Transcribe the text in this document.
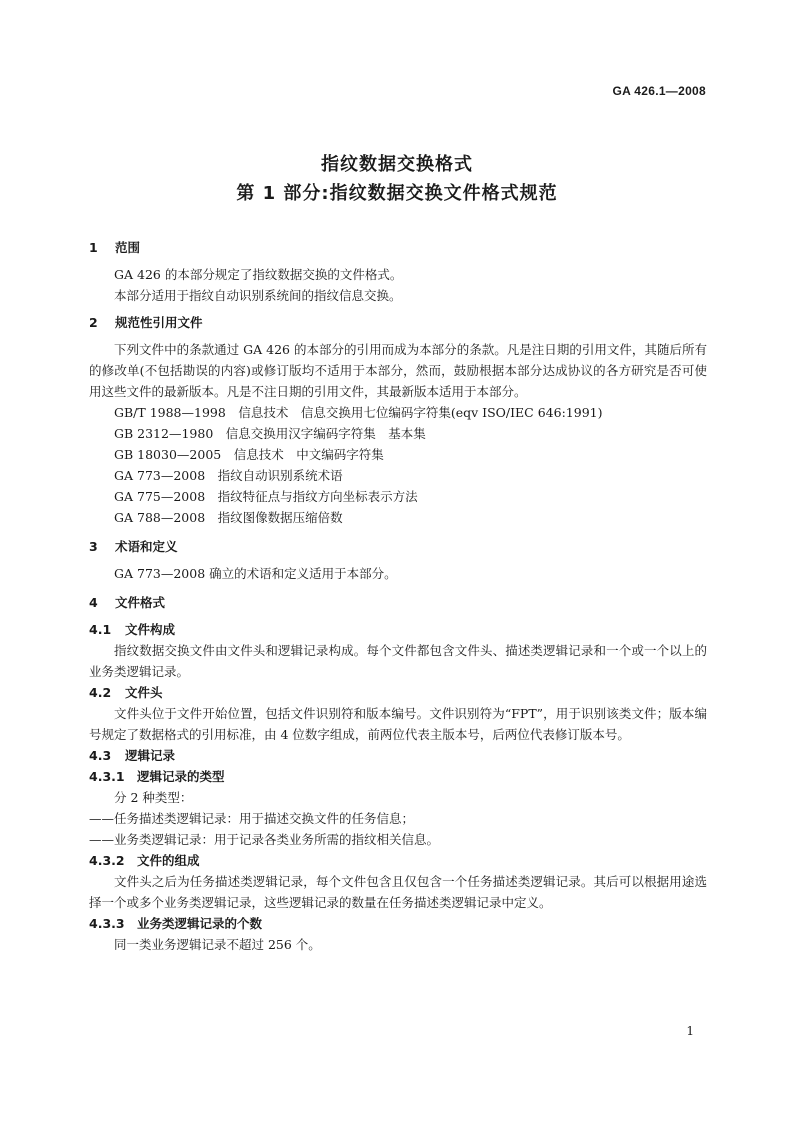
GA 426.1—2008
指纹数据交换格式
第 1 部分:指纹数据交换文件格式规范
1 范围

GA 426 的本部分规定了指纹数据交换的文件格式。

本部分适用于指纹自动识别系统间的指纹信息交换。

2 规范性引用文件

下列文件中的条款通过 GA 426 的本部分的引用而成为本部分的条款。凡是注日期的引用文件，其随后所有的修改单(不包括勘误的内容)或修订版均不适用于本部分，然而，鼓励根据本部分达成协议的各方研究是否可使用这些文件的最新版本。凡是不注日期的引用文件，其最新版本适用于本部分。

GB/T 1988—1998　 信息技术　信息交换用七位编码字符集(eqv ISO/IEC 646:1991)
GB 2312—1980　 信息交换用汉字编码字符集　基本集
GB 18030—2005　 信息技术　中文编码字符集
GA 773—2008　 指纹自动识别系统术语
GA 775—2008　 指纹特征点与指纹方向坐标表示方法
GA 788—2008　 指纹图像数据压缩倍数
3 术语和定义

GA 773—2008 确立的术语和定义适用于本部分。

4 文件格式
4.1 文件构成

指纹数据交换文件由文件头和逻辑记录构成。每个文件都包含文件头、描述类逻辑记录和一个或一个以上的业务类逻辑记录。

4.2 文件头

文件头位于文件开始位置，包括文件识别符和版本编号。文件识别符为“FPT”，用于识别该类文件；版本编号规定了数据格式的引用标准，由 4 位数字组成，前两位代表主版本号，后两位代表修订版本号。

4.3 逻辑记录
4.3.1 逻辑记录的类型

分 2 种类型：

——任务描述类逻辑记录：用于描述交换文件的任务信息；
——业务类逻辑记录：用于记录各类业务所需的指纹相关信息。
4.3.2 文件的组成

文件头之后为任务描述类逻辑记录，每个文件包含且仅包含一个任务描述类逻辑记录。其后可以根据用途选择一个或多个业务类逻辑记录，这些逻辑记录的数量在任务描述类逻辑记录中定义。

4.3.3 业务类逻辑记录的个数

同一类业务逻辑记录不超过 256 个。

1
